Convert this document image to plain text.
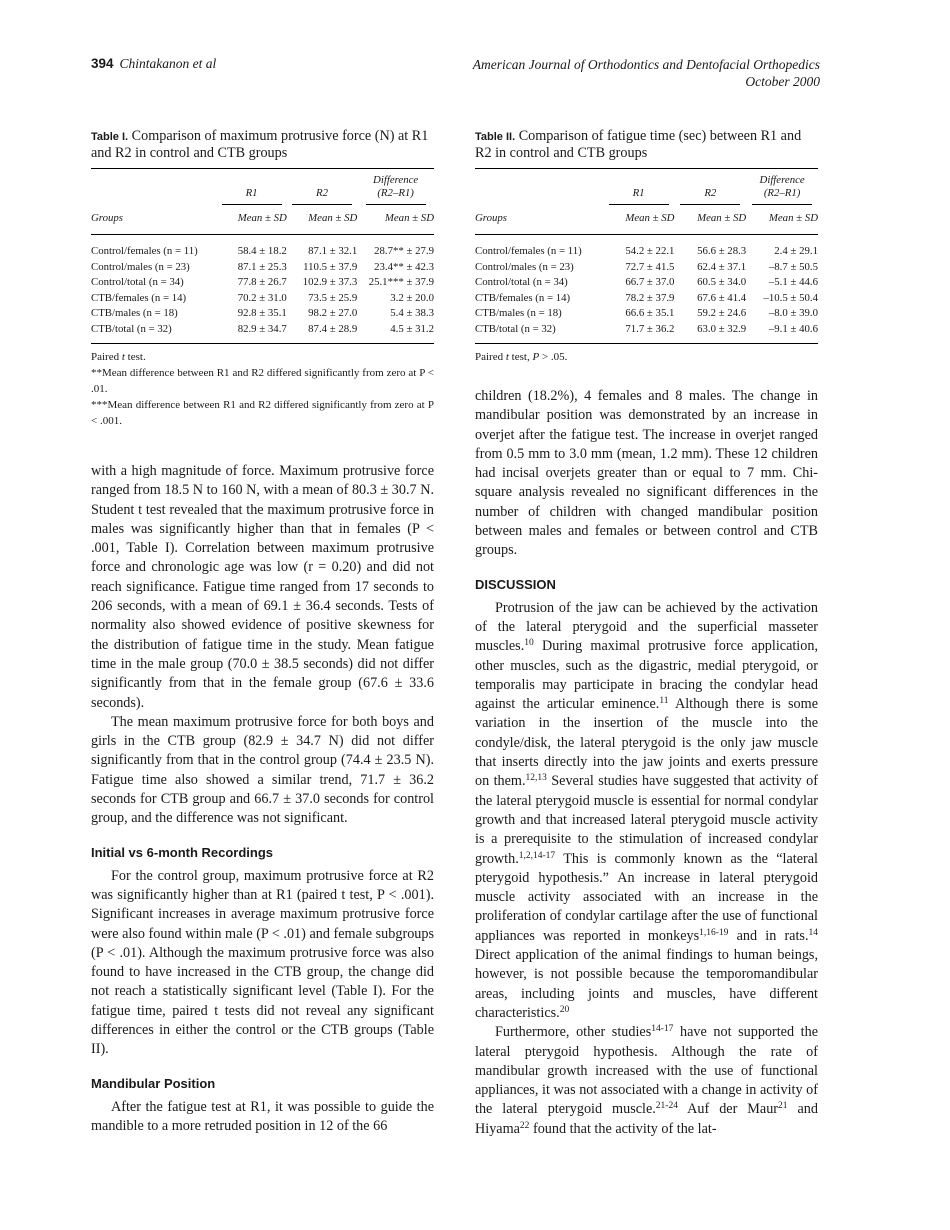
394 Chintakanon et al	American Journal of Orthodontics and Dentofacial Orthopedics
October 2000
Table I. Comparison of maximum protrusive force (N) at R1 and R2 in control and CTB groups
	R1	R2	Difference
(R2–R1)

Groups	Mean ± SD	Mean ± SD	Mean ± SD
Control/females (n = 11)	58.4 ± 18.2	87.1 ± 32.1	28.7** ± 27.9
Control/males (n = 23)	87.1 ± 25.3	110.5 ± 37.9	23.4** ± 42.3
Control/total (n = 34)	77.8 ± 26.7	102.9 ± 37.3	25.1*** ± 37.9
CTB/females (n = 14)	70.2 ± 31.0	73.5 ± 25.9	3.2 ± 20.0
CTB/males (n = 18)	92.8 ± 35.1	98.2 ± 27.0	5.4 ± 38.3
CTB/total (n = 32)	82.9 ± 34.7	87.4 ± 28.9	4.5 ± 31.2
Paired t test.
**Mean difference between R1 and R2 differed significantly from zero at P < .01.
***Mean difference between R1 and R2 differed significantly from zero at P < .001.

with a high magnitude of force. Maximum protrusive force ranged from 18.5 N to 160 N, with a mean of 80.3 ± 30.7 N. Student t test revealed that the maximum protrusive force in males was significantly higher than that in females (P < .001, Table I). Correlation between maximum protrusive force and chronologic age was low (r = 0.20) and did not reach significance. Fatigue time ranged from 17 seconds to 206 seconds, with a mean of 69.1 ± 36.4 seconds. Tests of normality also showed evidence of positive skewness for the distribution of fatigue time in the study. Mean fatigue time in the male group (70.0 ± 38.5 seconds) did not differ significantly from that in the female group (67.6 ± 33.6 seconds).

The mean maximum protrusive force for both boys and girls in the CTB group (82.9 ± 34.7 N) did not differ significantly from that in the control group (74.4 ± 23.5 N). Fatigue time also showed a similar trend, 71.7 ± 36.2 seconds for CTB group and 66.7 ± 37.0 seconds for control group, and the difference was not significant.

Initial vs 6-month Recordings

For the control group, maximum protrusive force at R2 was significantly higher than at R1 (paired t test, P < .001). Significant increases in average maximum protrusive force were also found within male (P < .01) and female subgroups (P < .01). Although the maximum protrusive force was also found to have increased in the CTB group, the change did not reach a statistically significant level (Table I). For the fatigue time, paired t tests did not reveal any significant differences in either the control or the CTB groups (Table II).

Mandibular Position

After the fatigue test at R1, it was possible to guide the mandible to a more retruded position in 12 of the 66

Table II. Comparison of fatigue time (sec) between R1 and R2 in control and CTB groups
	R1	R2	Difference
(R2–R1)

Groups	Mean ± SD	Mean ± SD	Mean ± SD
Control/females (n = 11)	54.2 ± 22.1	56.6 ± 28.3	2.4 ± 29.1
Control/males (n = 23)	72.7 ± 41.5	62.4 ± 37.1	–8.7 ± 50.5
Control/total (n = 34)	66.7 ± 37.0	60.5 ± 34.0	–5.1 ± 44.6
CTB/females (n = 14)	78.2 ± 37.9	67.6 ± 41.4	–10.5 ± 50.4
CTB/males (n = 18)	66.6 ± 35.1	59.2 ± 24.6	–8.0 ± 39.0
CTB/total (n = 32)	71.7 ± 36.2	63.0 ± 32.9	–9.1 ± 40.6
Paired t test, P > .05.

children (18.2%), 4 females and 8 males. The change in mandibular position was demonstrated by an increase in overjet after the fatigue test. The increase in overjet ranged from 0.5 mm to 3.0 mm (mean, 1.2 mm). These 12 children had incisal overjets greater than or equal to 7 mm. Chi-square analysis revealed no significant differences in the number of children with changed mandibular position between males and females or between control and CTB groups.

DISCUSSION

Protrusion of the jaw can be achieved by the activation of the lateral pterygoid and the superficial masseter muscles.$^{10}$ During maximal protrusive force application, other muscles, such as the digastric, medial pterygoid, or temporalis may participate in bracing the condylar head against the articular eminence.$^{11}$ Although there is some variation in the insertion of the muscle into the condyle/disk, the lateral pterygoid is the only jaw muscle that inserts directly into the jaw joints and exerts pressure on them.$^{12,13}$ Several studies have suggested that activity of the lateral pterygoid muscle is essential for normal condylar growth and that increased lateral pterygoid muscle activity is a prerequisite to the stimulation of increased condylar growth.$^{1,2,14-17}$ This is commonly known as the “lateral pterygoid hypothesis.” An increase in lateral pterygoid muscle activity associated with an increase in the proliferation of condylar cartilage after the use of functional appliances was reported in monkeys$^{1,16-19}$ and in rats.$^{14}$ Direct application of the animal findings to human beings, however, is not possible because the temporomandibular areas, including joints and muscles, have different characteristics.$^{20}$

Furthermore, other studies$^{14-17}$ have not supported the lateral pterygoid hypothesis. Although the rate of mandibular growth increased with the use of functional appliances, it was not associated with a change in activity of the lateral pterygoid muscle.$^{21-24}$ Auf der Maur$^{21}$ and Hiyama$^{22}$ found that the activity of the lat-
